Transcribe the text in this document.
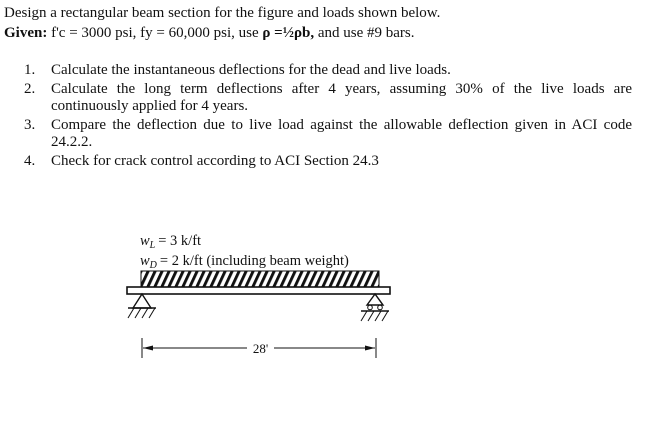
Design a rectangular beam section for the figure and loads shown below.
Given: f'c = 3000 psi, fy = 60,000 psi, use ρ =½ρb, and use #9 bars.
1. Calculate the instantaneous deflections for the dead and live loads.
2. Calculate the long term deflections after 4 years, assuming 30% of the live loads are continuously applied for 4 years.
3. Compare the deflection due to live load against the allowable deflection given in ACI code 24.2.2.
4. Check for crack control according to ACI Section 24.3
$w_L = 3$ k/ft
$w_D = 2$ k/ft (including beam weight)
28'
